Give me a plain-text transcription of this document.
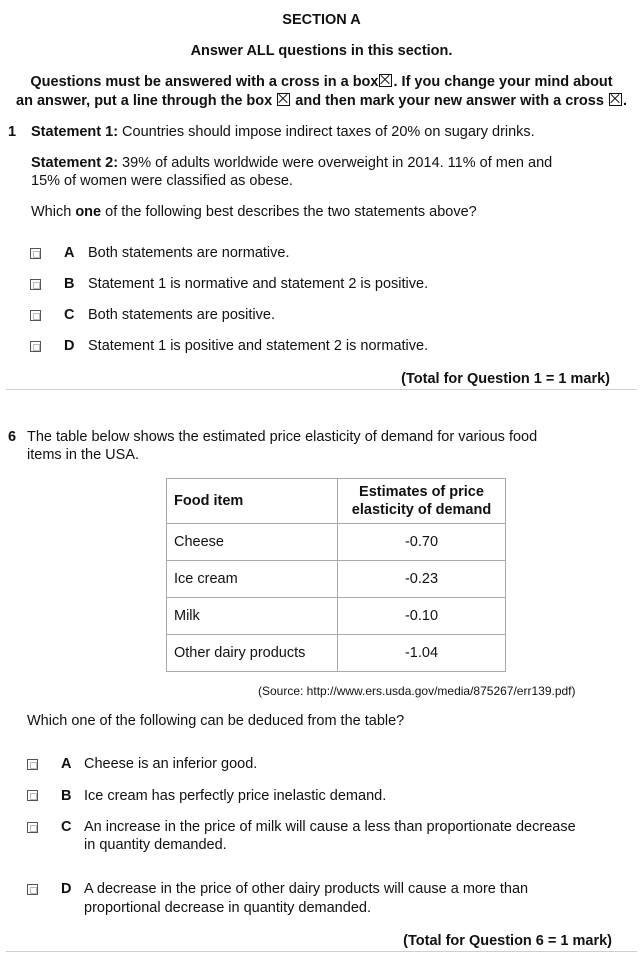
SECTION A
Answer ALL questions in this section.
Questions must be answered with a cross in a box☒. If you change your mind about
an answer, put a line through the box and then mark your new answer with a cross ☒.
1 Statement 1: Countries should impose indirect taxes of 20% on sugary drinks.
Statement 2: 39% of adults worldwide were overweight in 2014. 11% of men and
15% of women were classified as obese.
Which one of the following best describes the two statements above?
A Both statements are normative.
B Statement 1 is normative and statement 2 is positive.
C Both statements are positive.
D Statement 1 is positive and statement 2 is normative.
(Total for Question 1 = 1 mark)
6 The table below shows the estimated price elasticity of demand for various food
items in the USA.
Food item	Estimates of price
elasticity of demand

Cheese	-0.70
Ice cream	-0.23
Milk	-0.10
Other dairy products	-1.04
(Source: http://www.ers.usda.gov/media/875267/err139.pdf)
Which one of the following can be deduced from the table?
A Cheese is an inferior good.
B Ice cream has perfectly price inelastic demand.
C An increase in the price of milk will cause a less than proportionate decrease
in quantity demanded.
D A decrease in the price of other dairy products will cause a more than
proportional decrease in quantity demanded.
(Total for Question 6 = 1 mark)
